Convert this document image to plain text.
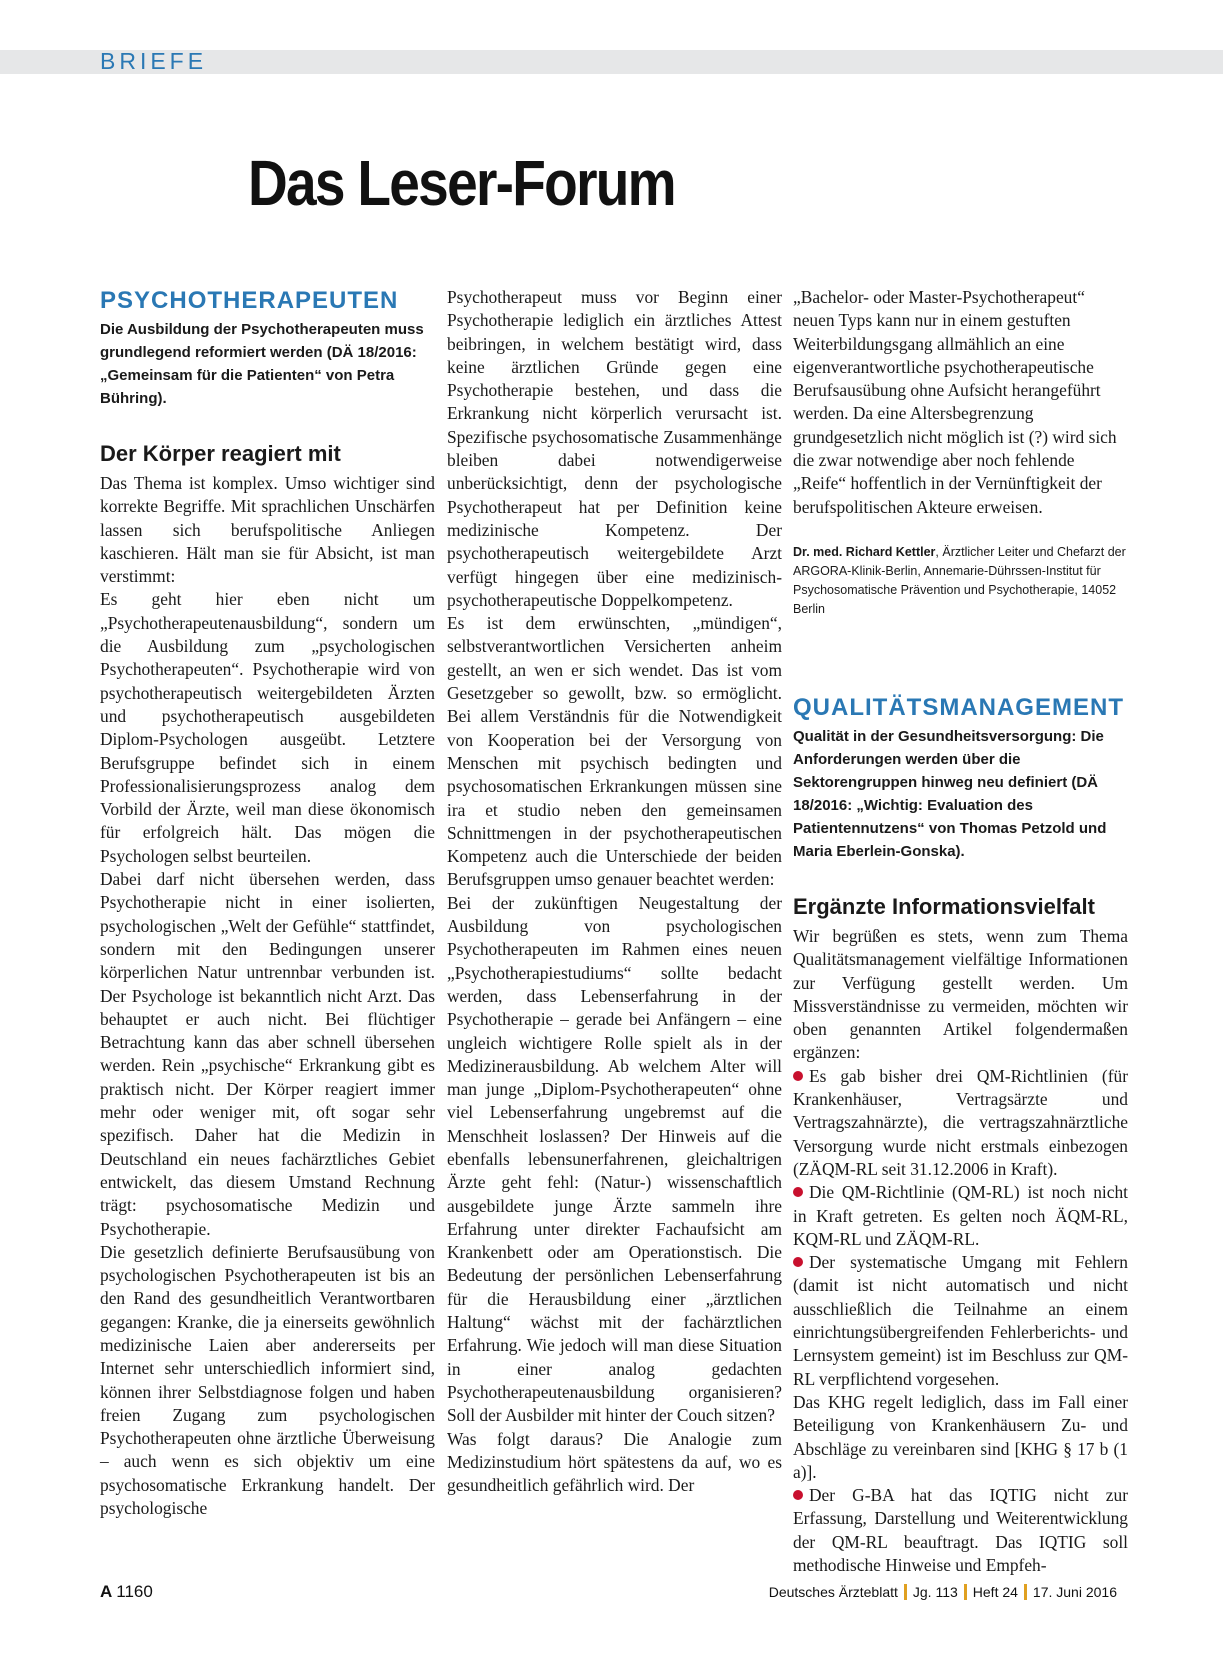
BRIEFE
Das Leser-Forum
PSYCHOTHERAPEUTEN
Die Ausbildung der Psychotherapeuten muss grundlegend reformiert werden (DÄ 18/2016: „Gemeinsam für die Patienten“ von Petra Bühring).
Der Körper reagiert mit

Das Thema ist komplex. Umso wichtiger sind korrekte Begriffe. Mit sprachlichen Unschärfen lassen sich berufspolitische Anliegen kaschieren. Hält man sie für Absicht, ist man verstimmt:

Es geht hier eben nicht um „Psychotherapeutenausbildung“, sondern um die Ausbildung zum „psychologischen Psychotherapeuten“. Psychotherapie wird von psychotherapeutisch weitergebildeten Ärzten und psychotherapeutisch ausgebildeten Diplom-Psychologen ausgeübt. Letztere Berufsgruppe befindet sich in einem Professionalisierungsprozess analog dem Vorbild der Ärzte, weil man diese ökonomisch für erfolgreich hält. Das mögen die Psychologen selbst beurteilen.

Dabei darf nicht übersehen werden, dass Psychotherapie nicht in einer isolierten, psychologischen „Welt der Gefühle“ stattfindet, sondern mit den Bedingungen unserer körperlichen Natur untrennbar verbunden ist. Der Psychologe ist bekanntlich nicht Arzt. Das behauptet er auch nicht. Bei flüchtiger Betrachtung kann das aber schnell übersehen werden. Rein „psychische“ Erkrankung gibt es praktisch nicht. Der Körper reagiert immer mehr oder weniger mit, oft sogar sehr spezifisch. Daher hat die Medizin in Deutschland ein neues fachärztliches Gebiet entwickelt, das diesem Umstand Rechnung trägt: psychosomatische Medizin und Psychotherapie.

Die gesetzlich definierte Berufsausübung von psychologischen Psychotherapeuten ist bis an den Rand des gesundheitlich Verantwortbaren gegangen: Kranke, die ja einerseits gewöhnlich medizinische Laien aber andererseits per Internet sehr unterschiedlich informiert sind, können ihrer Selbstdiagnose folgen und haben freien Zugang zum psychologischen Psychotherapeuten ohne ärztliche Überweisung – auch wenn es sich objektiv um eine psychosomatische Erkrankung handelt. Der psychologische

Psychotherapeut muss vor Beginn einer Psychotherapie lediglich ein ärztliches Attest beibringen, in welchem bestätigt wird, dass keine ärztlichen Gründe gegen eine Psychotherapie bestehen, und dass die Erkrankung nicht körperlich verursacht ist. Spezifische psychosomatische Zusammenhänge bleiben dabei notwendigerweise unberücksichtigt, denn der psychologische Psychotherapeut hat per Definition keine medizinische Kompetenz. Der psychotherapeutisch weitergebildete Arzt verfügt hingegen über eine medizinisch-psychotherapeutische Doppelkompetenz.

Es ist dem erwünschten, „mündigen“, selbstverantwortlichen Versicherten anheim gestellt, an wen er sich wendet. Das ist vom Gesetzgeber so gewollt, bzw. so ermöglicht. Bei allem Verständnis für die Notwendigkeit von Kooperation bei der Versorgung von Menschen mit psychisch bedingten und psychosomatischen Erkrankungen müssen sine ira et studio neben den gemeinsamen Schnittmengen in der psychotherapeutischen Kompetenz auch die Unterschiede der beiden Berufsgruppen umso genauer beachtet werden:

Bei der zukünftigen Neugestaltung der Ausbildung von psychologischen Psychotherapeuten im Rahmen eines neuen „Psychotherapiestudiums“ sollte bedacht werden, dass Lebenserfahrung in der Psychotherapie – gerade bei Anfängern – eine ungleich wichtigere Rolle spielt als in der Medizinerausbildung. Ab welchem Alter will man junge „Diplom-Psychotherapeuten“ ohne viel Lebenserfahrung ungebremst auf die Menschheit loslassen? Der Hinweis auf die ebenfalls lebensunerfahrenen, gleichaltrigen Ärzte geht fehl: (Natur-) wissenschaftlich ausgebildete junge Ärzte sammeln ihre Erfahrung unter direkter Fachaufsicht am Krankenbett oder am Operationstisch. Die Bedeutung der persönlichen Lebenserfahrung für die Herausbildung einer „ärztlichen Haltung“ wächst mit der fachärztlichen Erfahrung. Wie jedoch will man diese Situation in einer analog gedachten Psychotherapeutenausbildung organisieren? Soll der Ausbilder mit hinter der Couch sitzen?

Was folgt daraus? Die Analogie zum Medizinstudium hört spätestens da auf, wo es gesundheitlich gefährlich wird. Der

„Bachelor- oder Master-Psychotherapeut“ neuen Typs kann nur in einem gestuften Weiterbildungsgang allmählich an eine eigenverantwortliche psychotherapeutische Berufsausübung ohne Aufsicht herangeführt werden. Da eine Altersbegrenzung grundgesetzlich nicht möglich ist (?) wird sich die zwar notwendige aber noch fehlende „Reife“ hoffentlich in der Vernünftigkeit der berufspolitischen Akteure erweisen.

Dr. med. Richard Kettler, Ärztlicher Leiter und Chefarzt der ARGORA-Klinik-Berlin, Annemarie-Dührssen-Institut für Psychosomatische Prävention und Psychotherapie, 14052 Berlin
QUALITÄTSMANAGEMENT
Qualität in der Gesundheitsversorgung: Die Anforderungen werden über die Sektorengruppen hinweg neu definiert (DÄ 18/2016: „Wichtig: Evaluation des Patientennutzens“ von Thomas Petzold und Maria Eberlein-Gonska).
Ergänzte Informationsvielfalt

Wir begrüßen es stets, wenn zum Thema Qualitätsmanagement vielfältige Informationen zur Verfügung gestellt werden. Um Missverständnisse zu vermeiden, möchten wir oben genannten Artikel folgendermaßen ergänzen:

Es gab bisher drei QM-Richtlinien (für Krankenhäuser, Vertragsärzte und Vertragszahnärzte), die vertragszahnärztliche Versorgung wurde nicht erstmals einbezogen (ZÄQM-RL seit 31.12.2006 in Kraft).

Die QM-Richtlinie (QM-RL) ist noch nicht in Kraft getreten. Es gelten noch ÄQM-RL, KQM-RL und ZÄQM-RL.

Der systematische Umgang mit Fehlern (damit ist nicht automatisch und nicht ausschließlich die Teilnahme an einem einrichtungsübergreifenden Fehlerberichts- und Lernsystem gemeint) ist im Beschluss zur QM-RL verpflichtend vorgesehen.

Das KHG regelt lediglich, dass im Fall einer Beteiligung von Krankenhäusern Zu- und Abschläge zu vereinbaren sind [KHG § 17 b (1 a)].

Der G-BA hat das IQTIG nicht zur Erfassung, Darstellung und Weiterentwicklung der QM-RL beauftragt. Das IQTIG soll methodische Hinweise und Empfeh-

A 1160	Deutsches Ärzteblatt Jg. 113 Heft 24 17. Juni 2016
